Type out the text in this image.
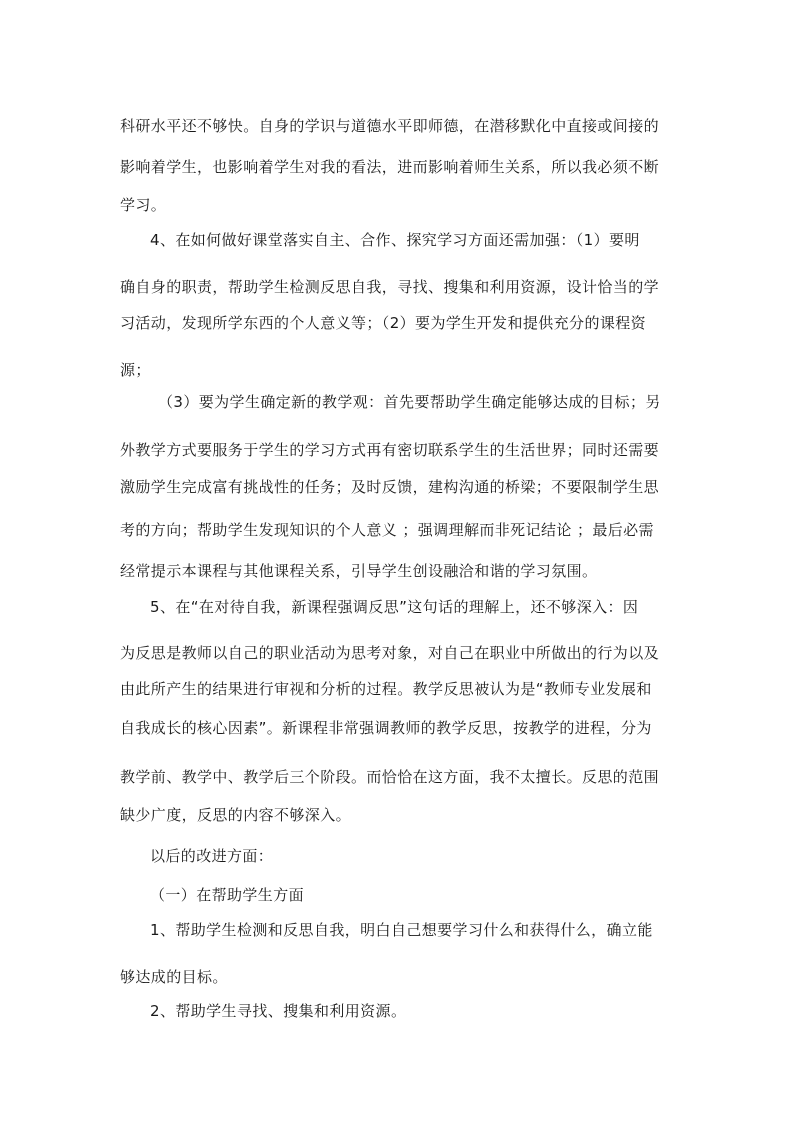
科研水平还不够快。自身的学识与道德水平即师德，在潜移默化中直接或间接的
影响着学生，也影响着学生对我的看法，进而影响着师生关系，所以我必须不断
学习。
4、在如何做好课堂落实自主、合作、探究学习方面还需加强：（1）要明
确自身的职责，帮助学生检测反思自我，寻找、搜集和利用资源，设计恰当的学
习活动，发现所学东西的个人意义等；（2）要为学生开发和提供充分的课程资
源；
（3）要为学生确定新的教学观：首先要帮助学生确定能够达成的目标；另
外教学方式要服务于学生的学习方式再有密切联系学生的生活世界；同时还需要
激励学生完成富有挑战性的任务；及时反馈，建构沟通的桥梁；不要限制学生思
考的方向；帮助学生发现知识的个人意义 ；强调理解而非死记结论 ；最后必需
经常提示本课程与其他课程关系，引导学生创设融洽和谐的学习氛围。
5、在“在对待自我，新课程强调反思”这句话的理解上，还不够深入：因
为反思是教师以自己的职业活动为思考对象，对自己在职业中所做出的行为以及
由此所产生的结果进行审视和分析的过程。教学反思被认为是“教师专业发展和
自我成长的核心因素”。新课程非常强调教师的教学反思，按教学的进程，分为
教学前、教学中、教学后三个阶段。而恰恰在这方面，我不太擅长。反思的范围
缺少广度，反思的内容不够深入。
以后的改进方面：
（一）在帮助学生方面
1、帮助学生检测和反思自我，明白自己想要学习什么和获得什么，确立能
够达成的目标。
2、帮助学生寻找、搜集和利用资源。
